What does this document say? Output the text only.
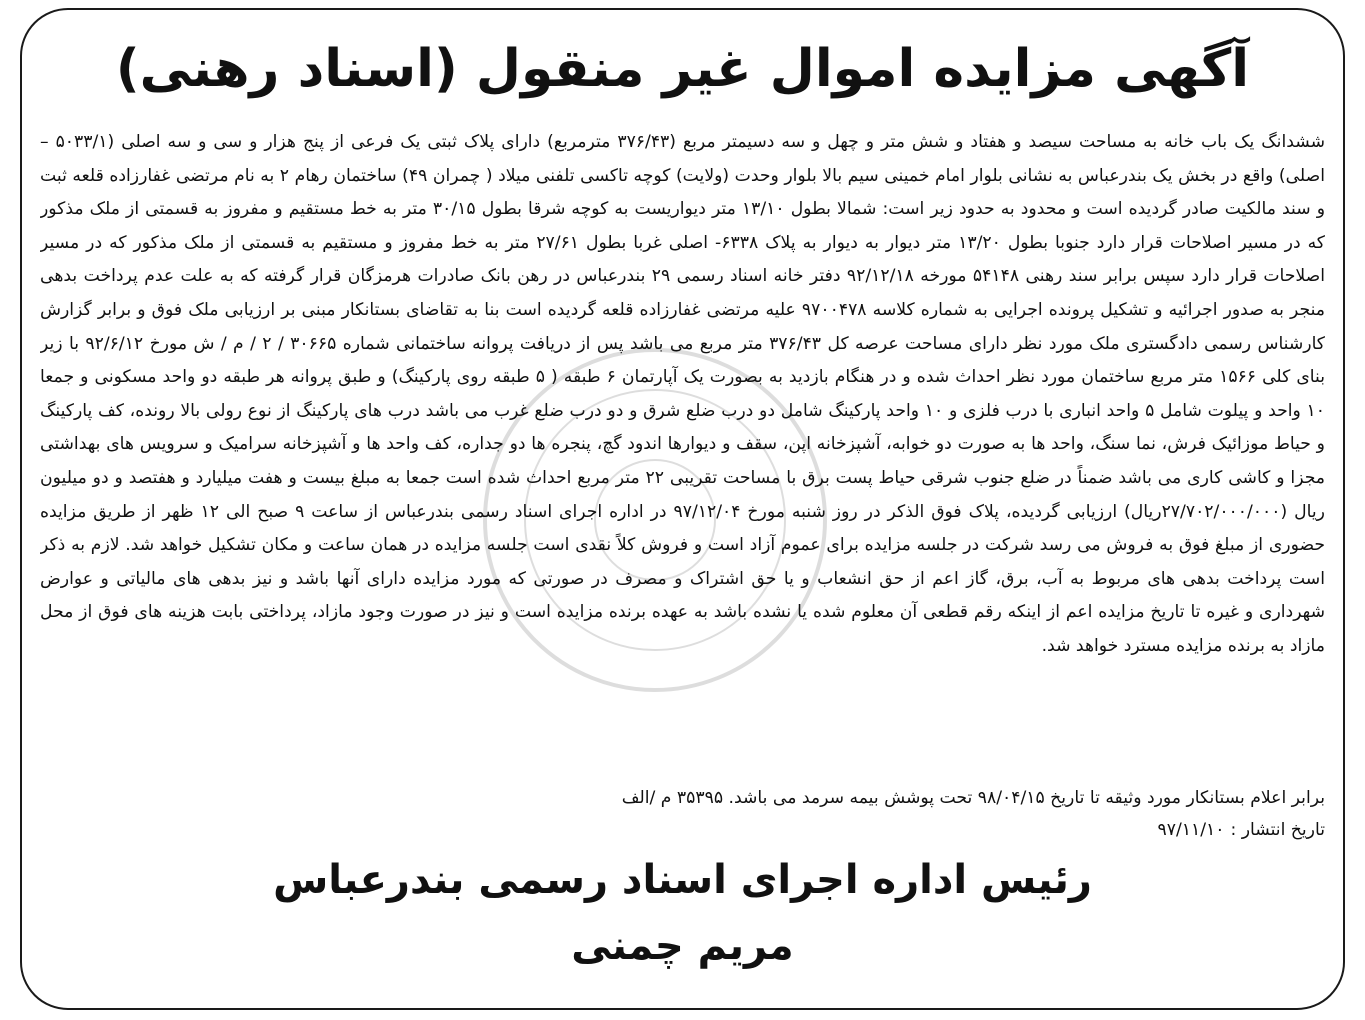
آگهی مزایده اموال غیر منقول (اسناد رهنی)

ششدانگ یک باب خانه به مساحت سیصد و هفتاد و شش متر و چهل و سه دسیمتر مربع (۳۷۶/۴۳ مترمربع) دارای پلاک ثبتی یک فرعی از پنج هزار و سی و سه اصلی (۵۰۳۳/۱ – اصلی) واقع در بخش یک بندرعباس به نشانی بلوار امام خمینی سیم بالا بلوار وحدت (ولایت) کوچه تاکسی تلفنی میلاد ( چمران ۴۹) ساختمان رهام ۲ به نام مرتضی غفارزاده قلعه ثبت و سند مالکیت صادر گردیده است و محدود به حدود زیر است: شمالا بطول ۱۳/۱۰ متر دیواریست به کوچه شرقا بطول ۳۰/۱۵ متر به خط مستقیم و مفروز به قسمتی از ملک مذکور که در مسیر اصلاحات قرار دارد جنوبا بطول ۱۳/۲۰ متر دیوار به دیوار به پلاک ۶۳۳۸- اصلی غربا بطول ۲۷/۶۱ متر به خط مفروز و مستقیم به قسمتی از ملک مذکور که در مسیر اصلاحات قرار دارد سپس برابر سند رهنی ۵۴۱۴۸ مورخه ۹۲/۱۲/۱۸ دفتر خانه اسناد رسمی ۲۹ بندرعباس در رهن بانک صادرات هرمزگان قرار گرفته که به علت عدم پرداخت بدهی منجر به صدور اجرائیه و تشکیل پرونده اجرایی به شماره کلاسه ۹۷۰۰۴۷۸ علیه مرتضی غفارزاده قلعه گردیده است بنا به تقاضای بستانکار مبنی بر ارزیابی ملک فوق و برابر گزارش کارشناس رسمی دادگستری ملک مورد نظر دارای مساحت عرصه کل ۳۷۶/۴۳ متر مربع می باشد پس از دریافت پروانه ساختمانی شماره ۳۰۶۶۵ / ۲ / م / ش مورخ ۹۲/۶/۱۲ با زیر بنای کلی ۱۵۶۶ متر مربع ساختمان مورد نظر احداث شده و در هنگام بازدید به بصورت یک آپارتمان ۶ طبقه ( ۵ طبقه روی پارکینگ) و طبق پروانه هر طبقه دو واحد مسکونی و جمعا ۱۰ واحد و پیلوت شامل ۵ واحد انباری با درب فلزی و ۱۰ واحد پارکینگ شامل دو درب ضلع شرق و دو درب ضلع غرب می باشد درب های پارکینگ از نوع رولی بالا رونده، کف پارکینگ و حیاط موزائیک فرش، نما سنگ، واحد ها به صورت دو خوابه، آشپزخانه اپن، سقف و دیوارها اندود گچ، پنجره ها دو جداره، کف واحد ها و آشپزخانه سرامیک و سرویس های بهداشتی مجزا و کاشی کاری می باشد ضمناً در ضلع جنوب شرقی حیاط پست برق با مساحت تقریبی ۲۲ متر مربع احداث شده است جمعا به مبلغ بیست و هفت میلیارد و هفتصد و دو میلیون ریال (۲۷/۷۰۲/۰۰۰/۰۰۰ریال) ارزیابی گردیده، پلاک فوق الذکر در روز شنبه مورخ ۹۷/۱۲/۰۴ در اداره اجرای اسناد رسمی بندرعباس از ساعت ۹ صبح الی ۱۲ ظهر از طریق مزایده حضوری از مبلغ فوق به فروش می رسد شرکت در جلسه مزایده برای عموم آزاد است و فروش کلاً نقدی است جلسه مزایده در همان ساعت و مکان تشکیل خواهد شد. لازم به ذکر است پرداخت بدهی های مربوط به آب، برق، گاز اعم از حق انشعاب و یا حق اشتراک و مصرف در صورتی که مورد مزایده دارای آنها باشد و نیز بدهی های مالیاتی و عوارض شهرداری و غیره تا تاریخ مزایده اعم از اینکه رقم قطعی آن معلوم شده یا نشده باشد به عهده برنده مزایده است و نیز در صورت وجود مازاد، پرداختی بابت هزینه های فوق از محل مازاد به برنده مزایده مسترد خواهد شد.

برابر اعلام بستانکار مورد وثیقه تا تاریخ ۹۸/۰۴/۱۵ تحت پوشش بیمه سرمد می باشد. ۳۵۳۹۵ م /الف
تاریخ انتشار :۹۷/۱۱/۱۰
رئیس اداره اجرای اسناد رسمی بندرعباس
مریم چمنی
